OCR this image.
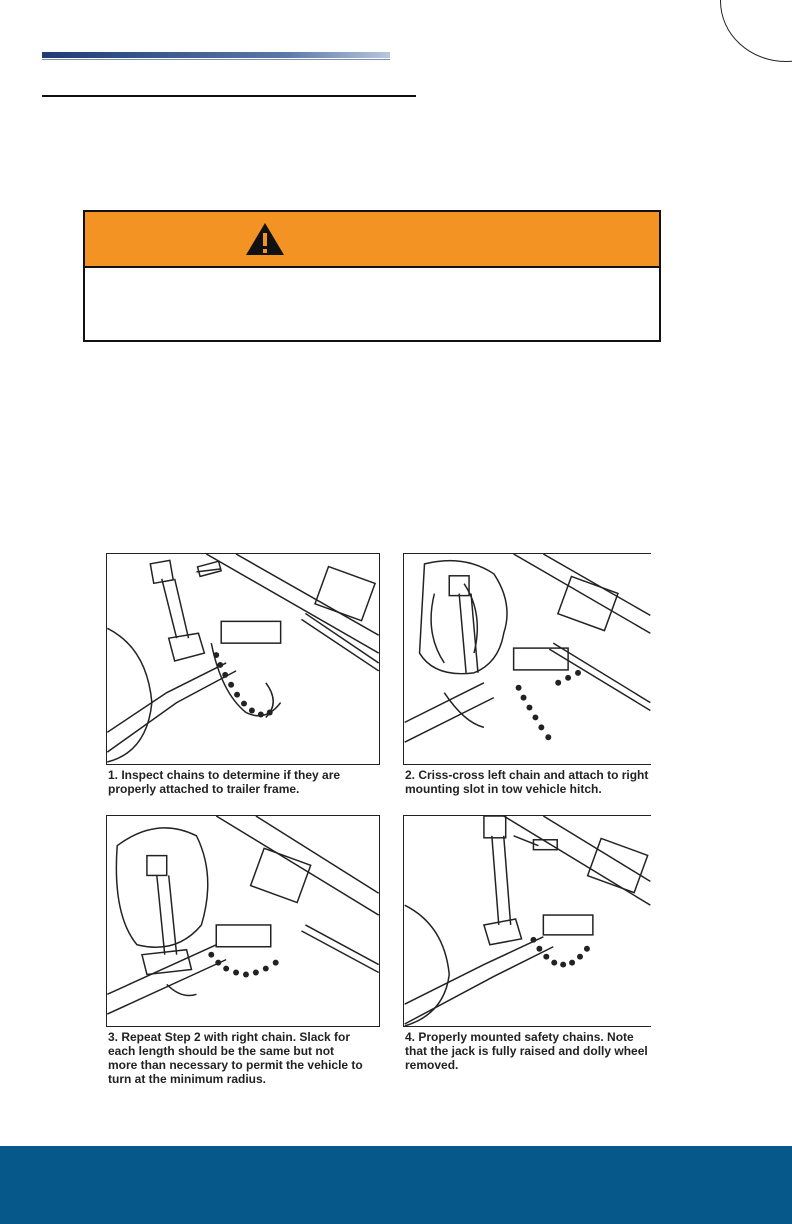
1. Inspect chains to determine if they are
properly attached to trailer frame.
2. Criss-cross left chain and attach to right
mounting slot in tow vehicle hitch.
3. Repeat Step 2 with right chain. Slack for
each length should be the same but not
more than necessary to permit the vehicle to
turn at the minimum radius.
4. Properly mounted safety chains. Note
that the jack is fully raised and dolly wheel
removed.
